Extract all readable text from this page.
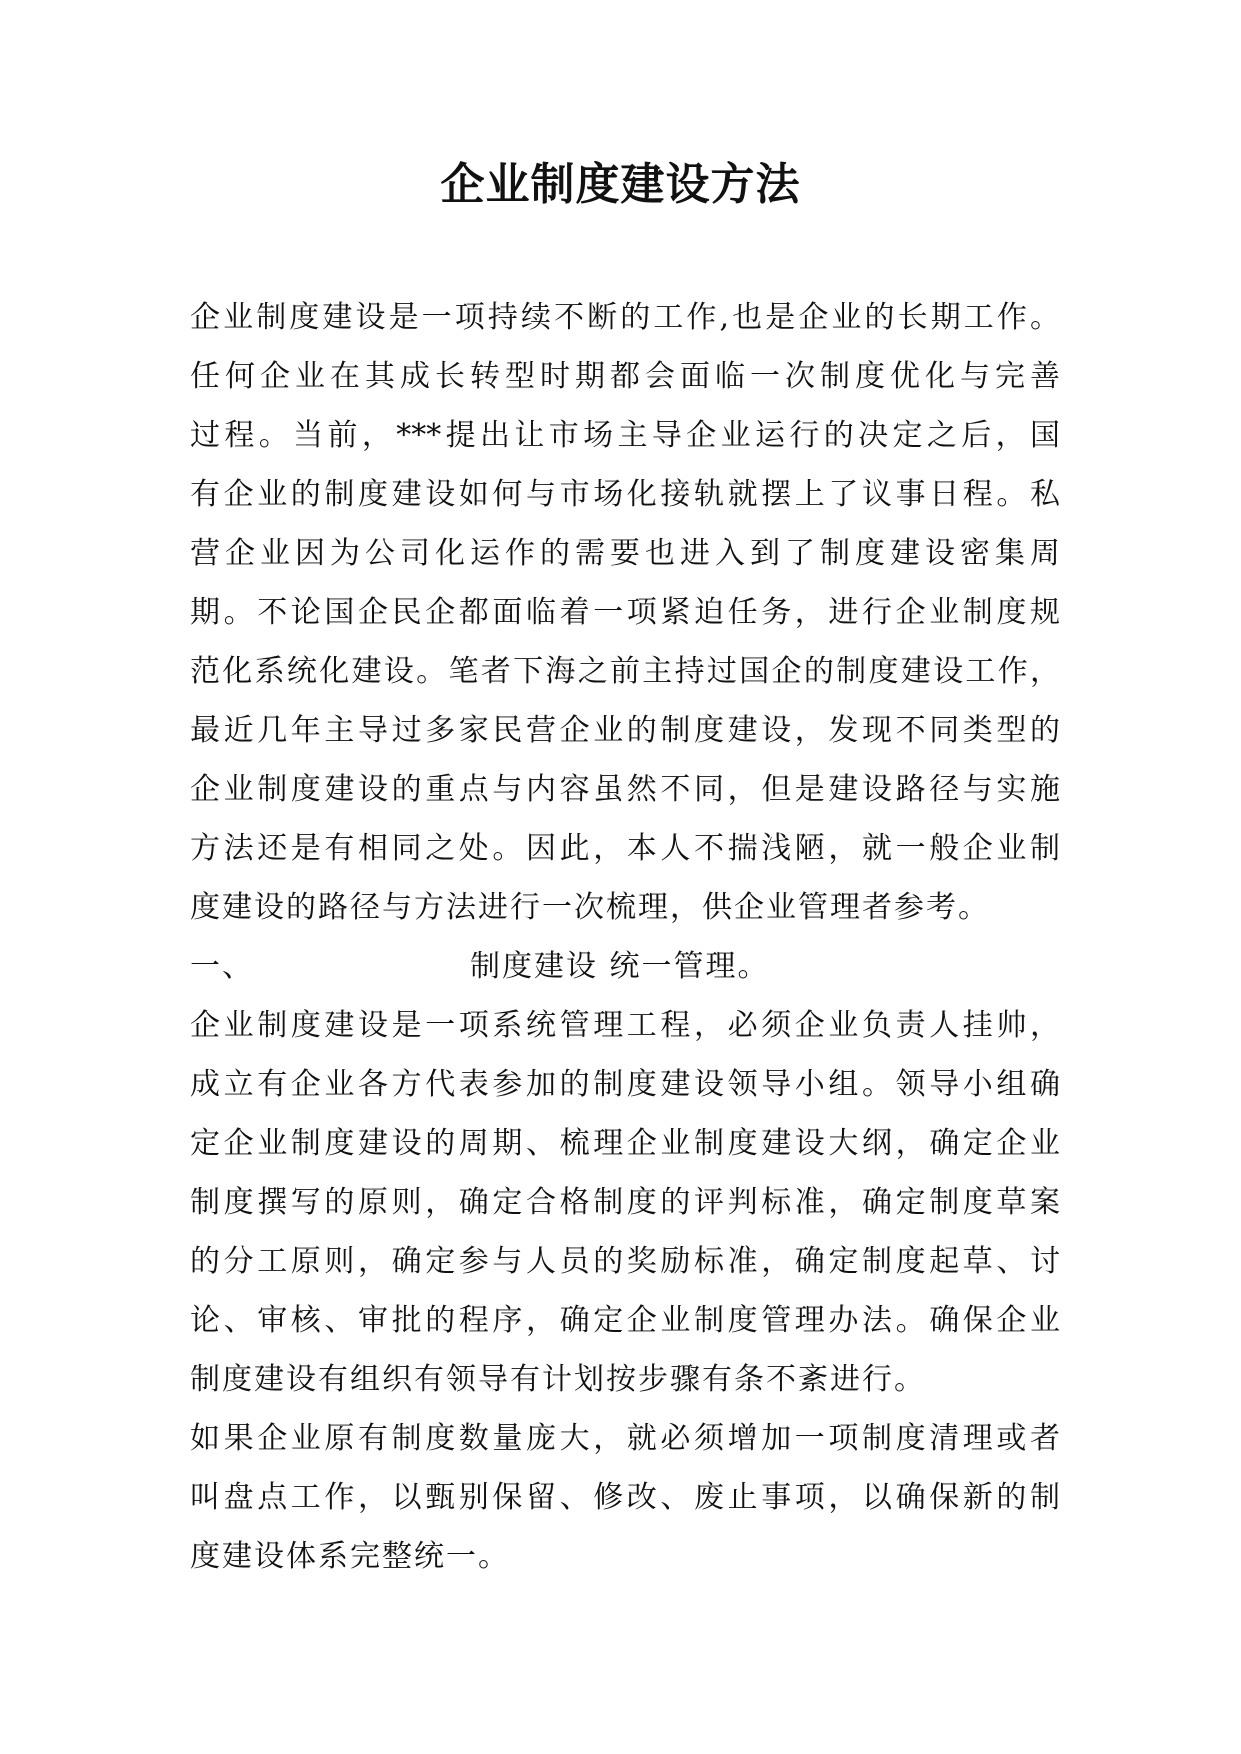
企业制度建设方法
企业制度建设是一项持续不断的工作,也是企业的长期工作。
任何企业在其成长转型时期都会面临一次制度优化与完善
过程。当前，***提出让市场主导企业运行的决定之后，国
有企业的制度建设如何与市场化接轨就摆上了议事日程。私
营企业因为公司化运作的需要也进入到了制度建设密集周
期。不论国企民企都面临着一项紧迫任务，进行企业制度规
范化系统化建设。笔者下海之前主持过国企的制度建设工作，
最近几年主导过多家民营企业的制度建设，发现不同类型的
企业制度建设的重点与内容虽然不同，但是建设路径与实施
方法还是有相同之处。因此，本人不揣浅陋，就一般企业制
度建设的路径与方法进行一次梳理，供企业管理者参考。
一、	制度建设 统一管理。
企业制度建设是一项系统管理工程，必须企业负责人挂帅，
成立有企业各方代表参加的制度建设领导小组。领导小组确
定企业制度建设的周期、梳理企业制度建设大纲，确定企业
制度撰写的原则，确定合格制度的评判标准，确定制度草案
的分工原则，确定参与人员的奖励标准，确定制度起草、讨
论、审核、审批的程序，确定企业制度管理办法。确保企业
制度建设有组织有领导有计划按步骤有条不紊进行。
如果企业原有制度数量庞大，就必须增加一项制度清理或者
叫盘点工作，以甄别保留、修改、废止事项，以确保新的制
度建设体系完整统一。
